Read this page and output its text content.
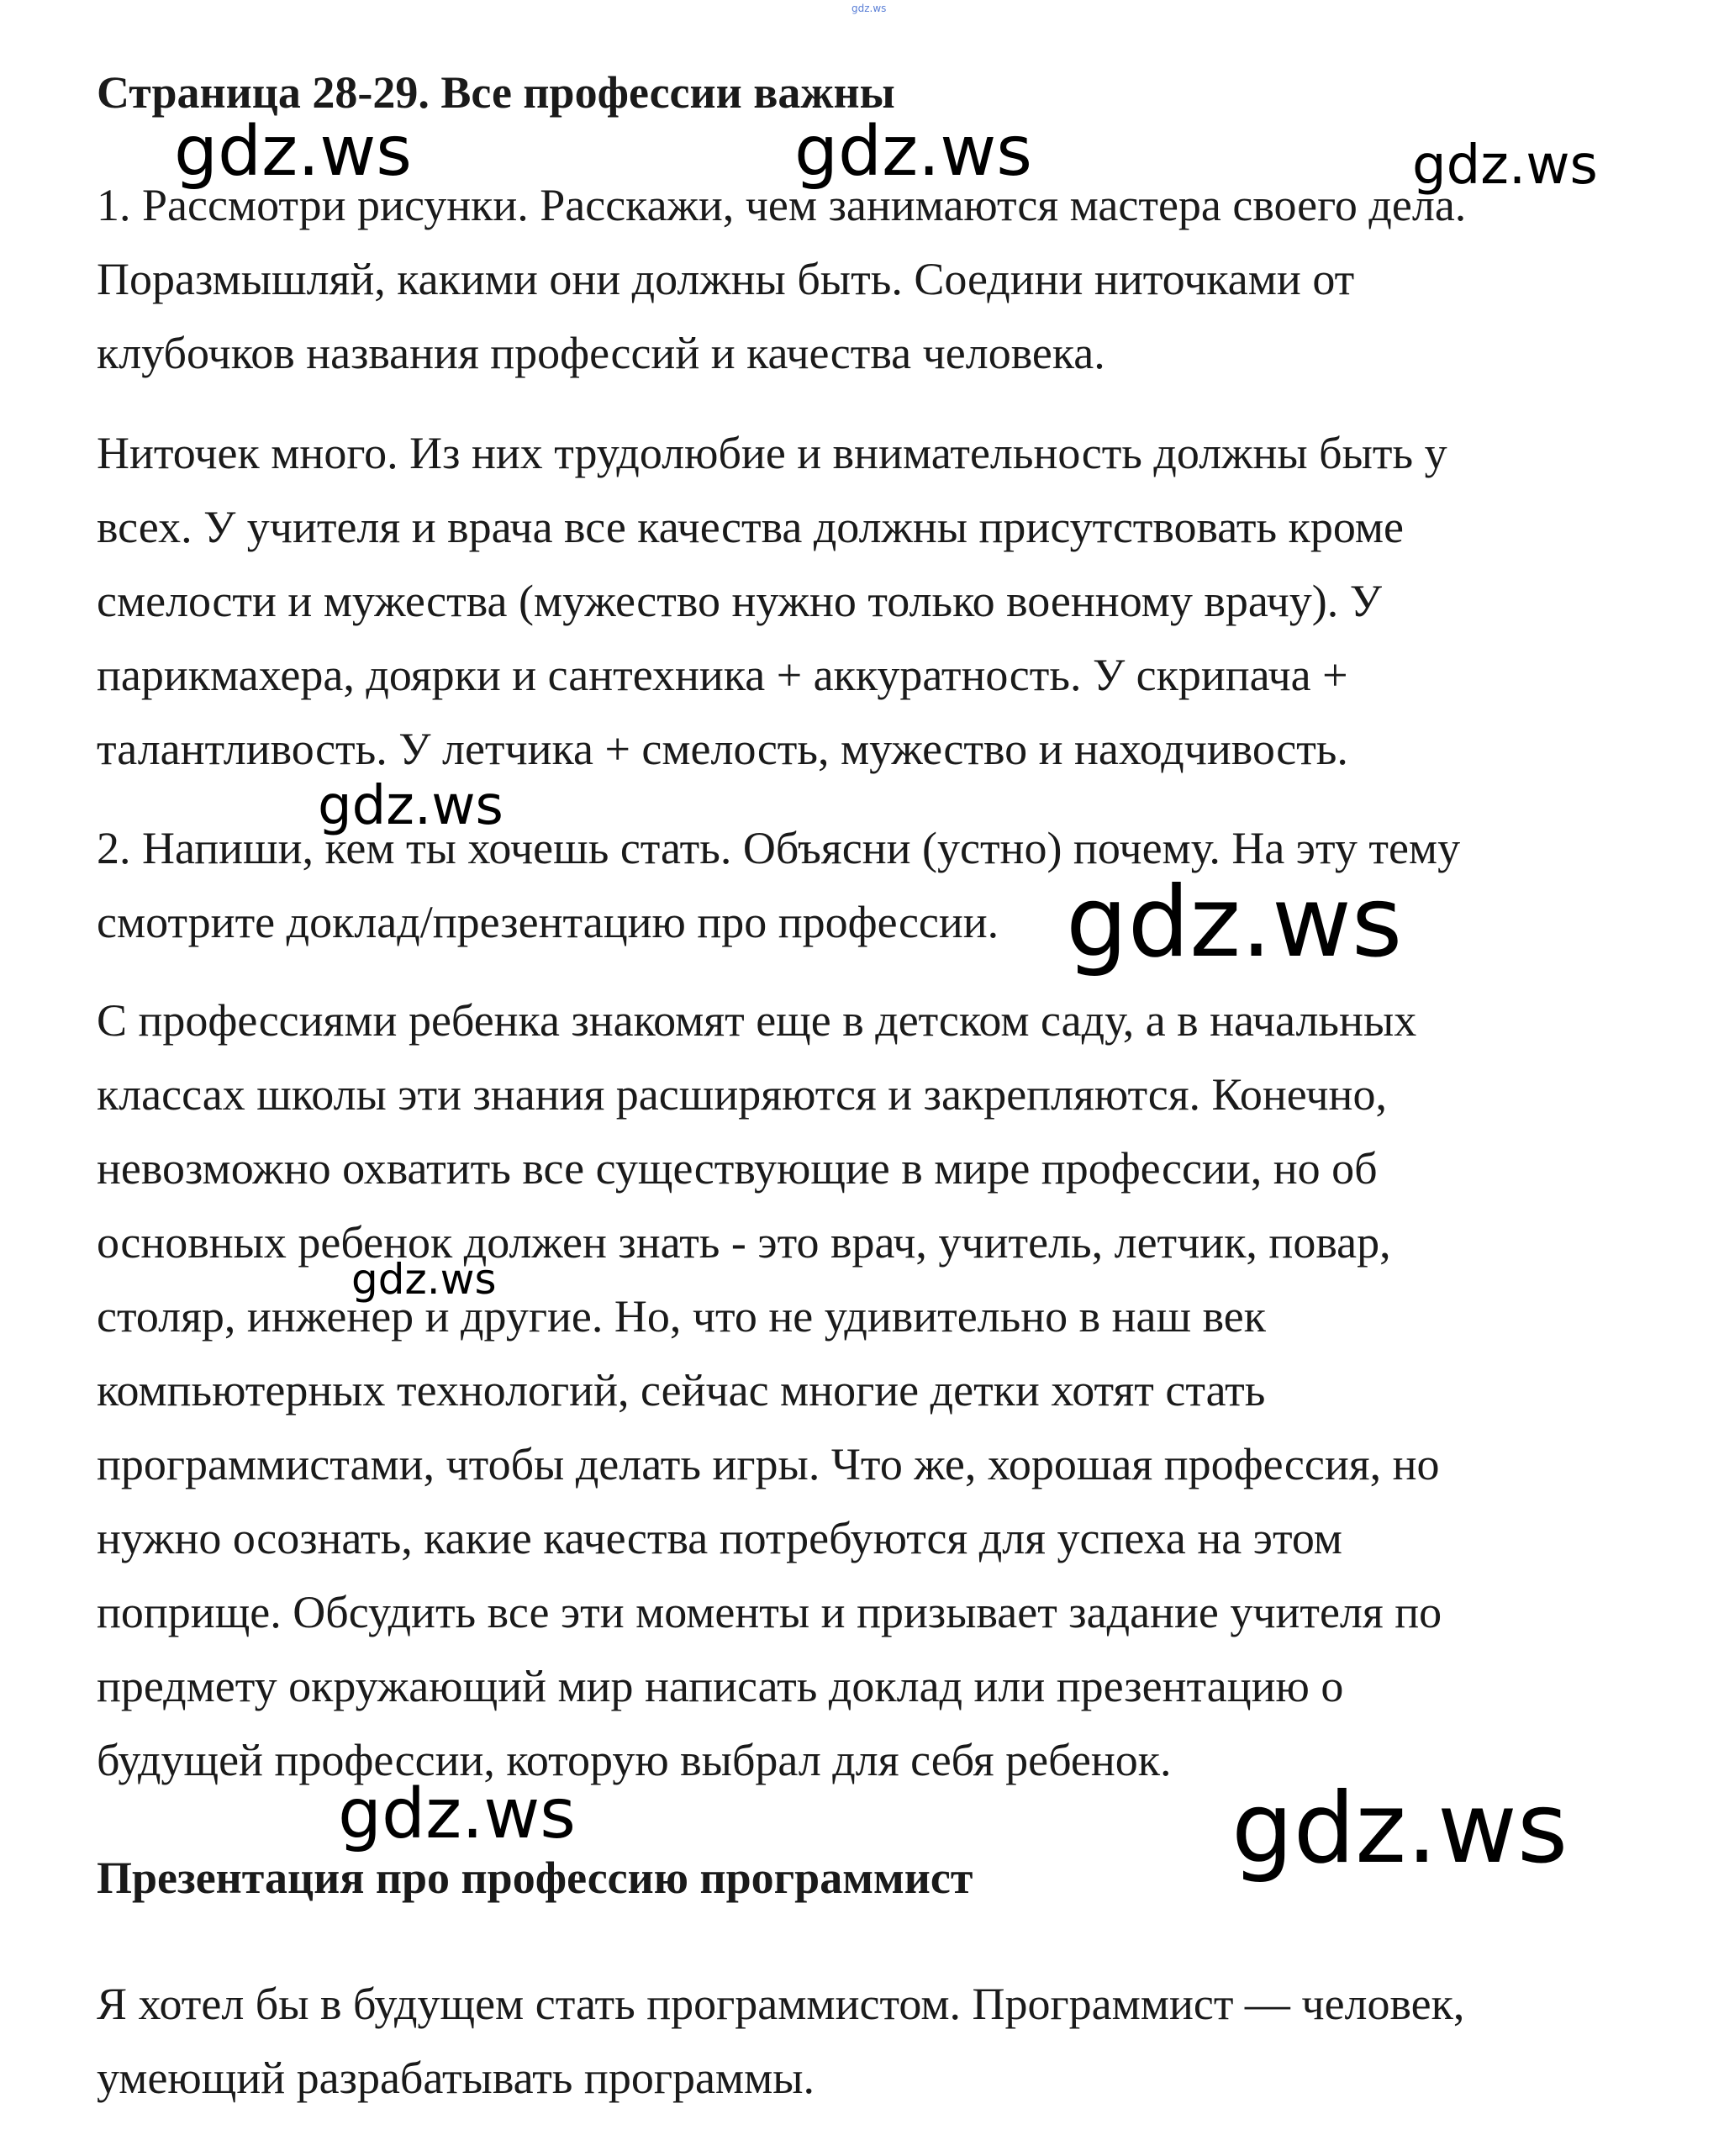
gdz.ws
Страница 28-29. Все профессии важны

1. Рассмотри рисунки. Расскажи, чем занимаются мастера своего дела.
Поразмышляй, какими они должны быть. Соедини ниточками от
клубочков названия профессий и качества человека.

Ниточек много. Из них трудолюбие и внимательность должны быть у
всех. У учителя и врача все качества должны присутствовать кроме
смелости и мужества (мужество нужно только военному врачу). У
парикмахера, доярки и сантехника + аккуратность. У скрипача +
талантливость. У летчика + смелость, мужество и находчивость.

2. Напиши, кем ты хочешь стать. Объясни (устно) почему. На эту тему
смотрите доклад/презентацию про профессии.

С профессиями ребенка знакомят еще в детском саду, а в начальных
классах школы эти знания расширяются и закрепляются. Конечно,
невозможно охватить все существующие в мире профессии, но об
основных ребенок должен знать - это врач, учитель, летчик, повар,
столяр, инженер и другие. Но, что не удивительно в наш век
компьютерных технологий, сейчас многие детки хотят стать
программистами, чтобы делать игры. Что же, хорошая профессия, но
нужно осознать, какие качества потребуются для успеха на этом
поприще. Обсудить все эти моменты и призывает задание учителя по
предмету окружающий мир написать доклад или презентацию о
будущей профессии, которую выбрал для себя ребенок.

Презентация про профессию программист

Я хотел бы в будущем стать программистом. Программист — человек,
умеющий разрабатывать программы.

gdz.ws	gdz.ws	gdz.ws
gdz.ws
gdz.ws
gdz.ws
gdz.ws	gdz.ws
